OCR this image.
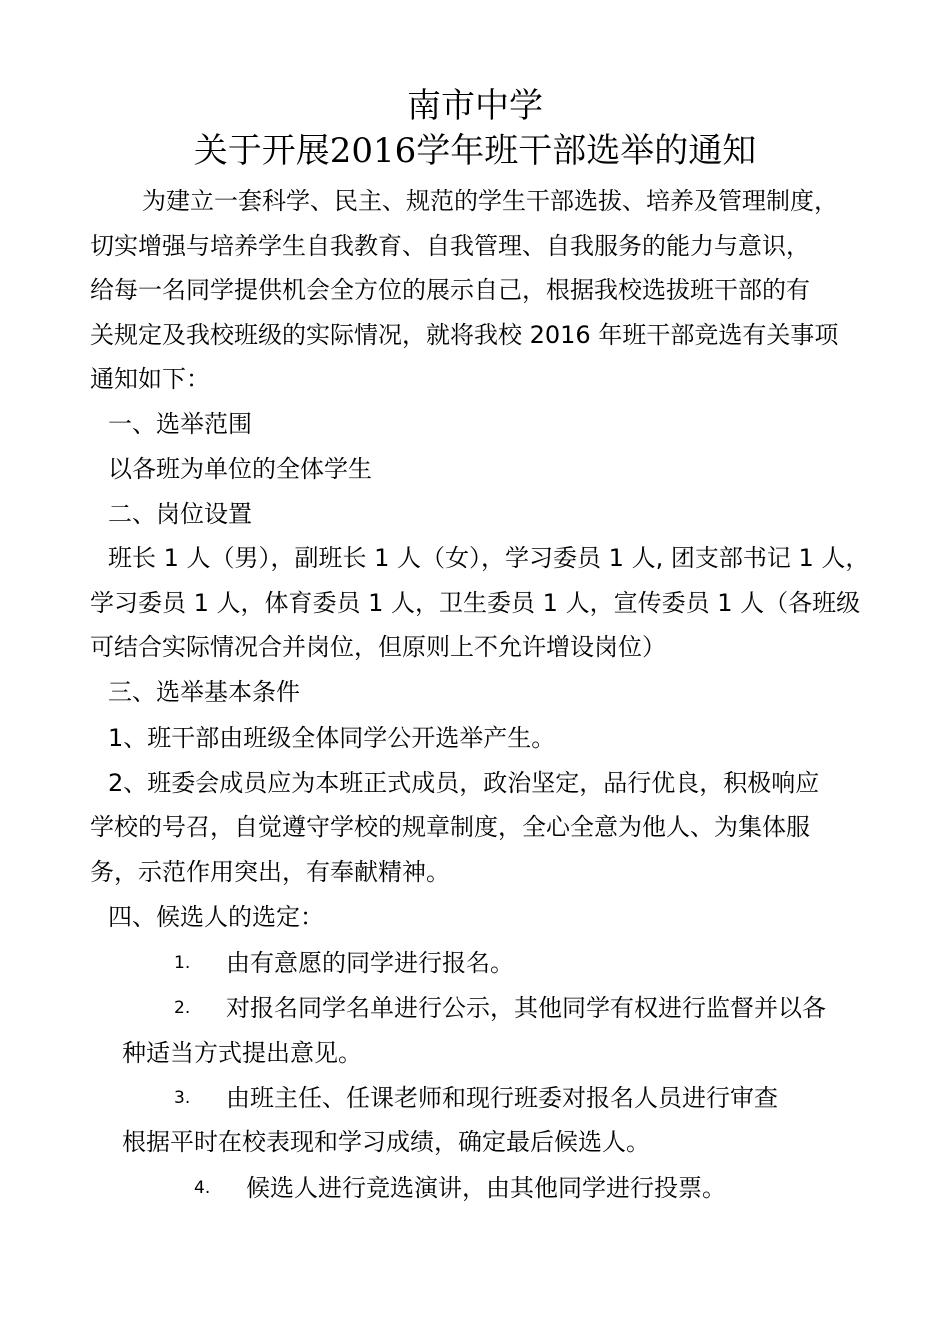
南市中学
关于开展2016学年班干部选举的通知
为建立一套科学、民主、规范的学生干部选拔、培养及管理制度，
切实增强与培养学生自我教育、自我管理、自我服务的能力与意识，
给每一名同学提供机会全方位的展示自己，根据我校选拔班干部的有
关规定及我校班级的实际情况，就将我校 2016 年班干部竞选有关事项
通知如下：
一、选举范围
以各班为单位的全体学生
二、岗位设置
班长 1 人（男），副班长 1 人（女），学习委员 1 人, 团支部书记 1 人，
学习委员 1 人，体育委员 1 人，卫生委员 1 人，宣传委员 1 人（各班级
可结合实际情况合并岗位，但原则上不允许增设岗位）
三、选举基本条件
1、班干部由班级全体同学公开选举产生。
2、班委会成员应为本班正式成员，政治坚定，品行优良，积极响应
学校的号召，自觉遵守学校的规章制度，全心全意为他人、为集体服
务，示范作用突出，有奉献精神。
四、候选人的选定：
1. 由有意愿的同学进行报名。
2. 对报名同学名单进行公示，其他同学有权进行监督并以各
种适当方式提出意见。
3. 由班主任、任课老师和现行班委对报名人员进行审查
根据平时在校表现和学习成绩，确定最后候选人。
4. 候选人进行竞选演讲，由其他同学进行投票。
